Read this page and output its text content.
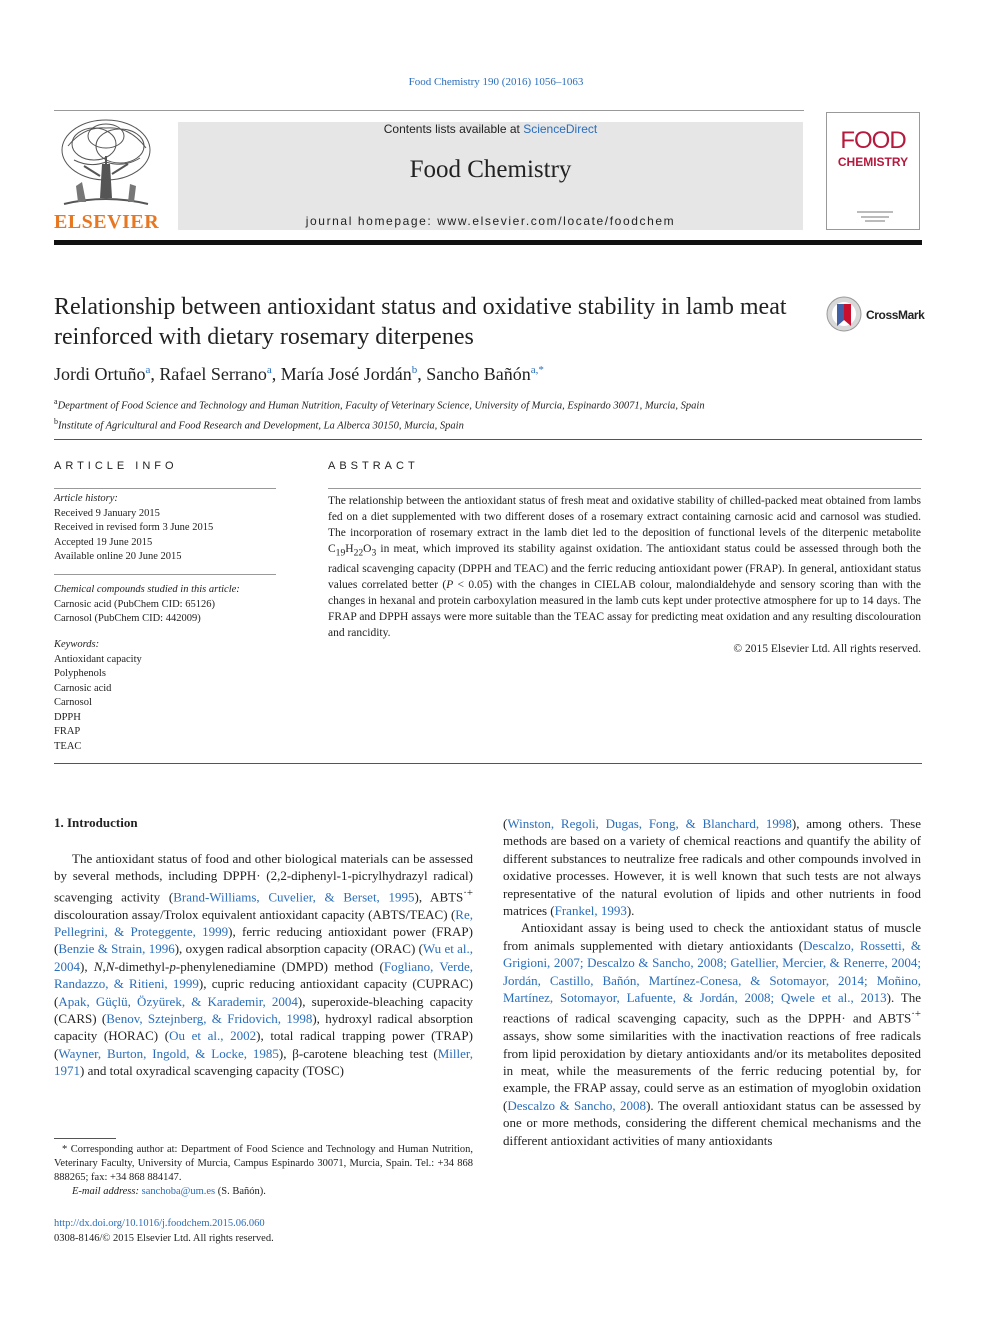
Food Chemistry 190 (2016) 1056–1063
ELSEVIER
Contents lists available at ScienceDirect
Food Chemistry
journal homepage: www.elsevier.com/locate/foodchem
FOOD
CHEMISTRY
Relationship between antioxidant status and oxidative stability in lamb meat reinforced with dietary rosemary diterpenes
CrossMark
Jordi Ortuño$^a$, Rafael Serrano$^a$, María José Jordán$^b$, Sancho Bañón$^{a,*}$
$^a$Department of Food Science and Technology and Human Nutrition, Faculty of Veterinary Science, University of Murcia, Espinardo 30071, Murcia, Spain
$^b$Institute of Agricultural and Food Research and Development, La Alberca 30150, Murcia, Spain
ARTICLE INFO
Article history:
Received 9 January 2015
Received in revised form 3 June 2015
Accepted 19 June 2015
Available online 20 June 2015
Chemical compounds studied in this article:
Carnosic acid (PubChem CID: 65126)
Carnosol (PubChem CID: 442009)
Keywords:
Antioxidant capacity
Polyphenols
Carnosic acid
Carnosol
DPPH
FRAP
TEAC
ABSTRACT
The relationship between the antioxidant status of fresh meat and oxidative stability of chilled-packed meat obtained from lambs fed on a diet supplemented with two different doses of a rosemary extract containing carnosic acid and carnosol was studied. The incorporation of rosemary extract in the lamb diet led to the deposition of functional levels of the diterpenic metabolite $C_{19}H_{22}O_3$ in meat, which improved its stability against oxidation. The antioxidant status could be assessed through both the radical scavenging capacity (DPPH and TEAC) and the ferric reducing antioxidant power (FRAP). In general, antioxidant status values correlated better (P < 0.05) with the changes in CIELAB colour, malondialdehyde and sensory scoring than with the changes in hexanal and protein carboxylation measured in the lamb cuts kept under protective atmosphere for up to 14 days. The FRAP and DPPH assays were more suitable than the TEAC assay for predicting meat oxidation and any resulting discolouration and rancidity.
© 2015 Elsevier Ltd. All rights reserved.
1. Introduction

The antioxidant status of food and other biological materials can be assessed by several methods, including DPPH· (2,2-diphenyl-1-picrylhydrazyl radical) scavenging activity (Brand-Williams, Cuvelier, & Berset, 1995), ABTS·+ discolouration assay/Trolox equivalent antioxidant capacity (ABTS/TEAC) (Re, Pellegrini, & Proteggente, 1999), ferric reducing antioxidant power (FRAP) (Benzie & Strain, 1996), oxygen radical absorption capacity (ORAC) (Wu et al., 2004), N,N-dimethyl-p-phenylenediamine (DMPD) method (Fogliano, Verde, Randazzo, & Ritieni, 1999), cupric reducing antioxidant capacity (CUPRAC) (Apak, Güçlü, Özyürek, & Karademir, 2004), superoxide-bleaching capacity (CARS) (Benov, Sztejnberg, & Fridovich, 1998), hydroxyl radical absorption capacity (HORAC) (Ou et al., 2002), total radical trapping power (TRAP) (Wayner, Burton, Ingold, & Locke, 1985), β-carotene bleaching test (Miller, 1971) and total oxyradical scavenging capacity (TOSC)

(Winston, Regoli, Dugas, Fong, & Blanchard, 1998), among others. These methods are based on a variety of chemical reactions and quantify the ability of different substances to neutralize free radicals and other compounds involved in oxidative processes. However, it is well known that such tests are not always representative of the natural evolution of lipids and other nutrients in food matrices (Frankel, 1993).

Antioxidant assay is being used to check the antioxidant status of muscle from animals supplemented with dietary antioxidants (Descalzo, Rossetti, & Grigioni, 2007; Descalzo & Sancho, 2008; Gatellier, Mercier, & Renerre, 2004; Jordán, Castillo, Bañón, Martínez-Conesa, & Sotomayor, 2014; Moñino, Martínez, Sotomayor, Lafuente, & Jordán, 2008; Qwele et al., 2013). The reactions of radical scavenging capacity, such as the DPPH· and ABTS·+ assays, show some similarities with the inactivation reactions of free radicals from lipid peroxidation by dietary antioxidants and/or its metabolites deposited in meat, while the measurements of the ferric reducing potential by, for example, the FRAP assay, could serve as an estimation of myoglobin oxidation (Descalzo & Sancho, 2008). The overall antioxidant status can be assessed by one or more methods, considering the different chemical mechanisms and the different antioxidant activities of many antioxidants

* Corresponding author at: Department of Food Science and Technology and Human Nutrition, Veterinary Faculty, University of Murcia, Campus Espinardo 30071, Murcia, Spain. Tel.: +34 868 888265; fax: +34 868 884147.
E-mail address: sanchoba@um.es (S. Bañón).
http://dx.doi.org/10.1016/j.foodchem.2015.06.060
0308-8146/© 2015 Elsevier Ltd. All rights reserved.
